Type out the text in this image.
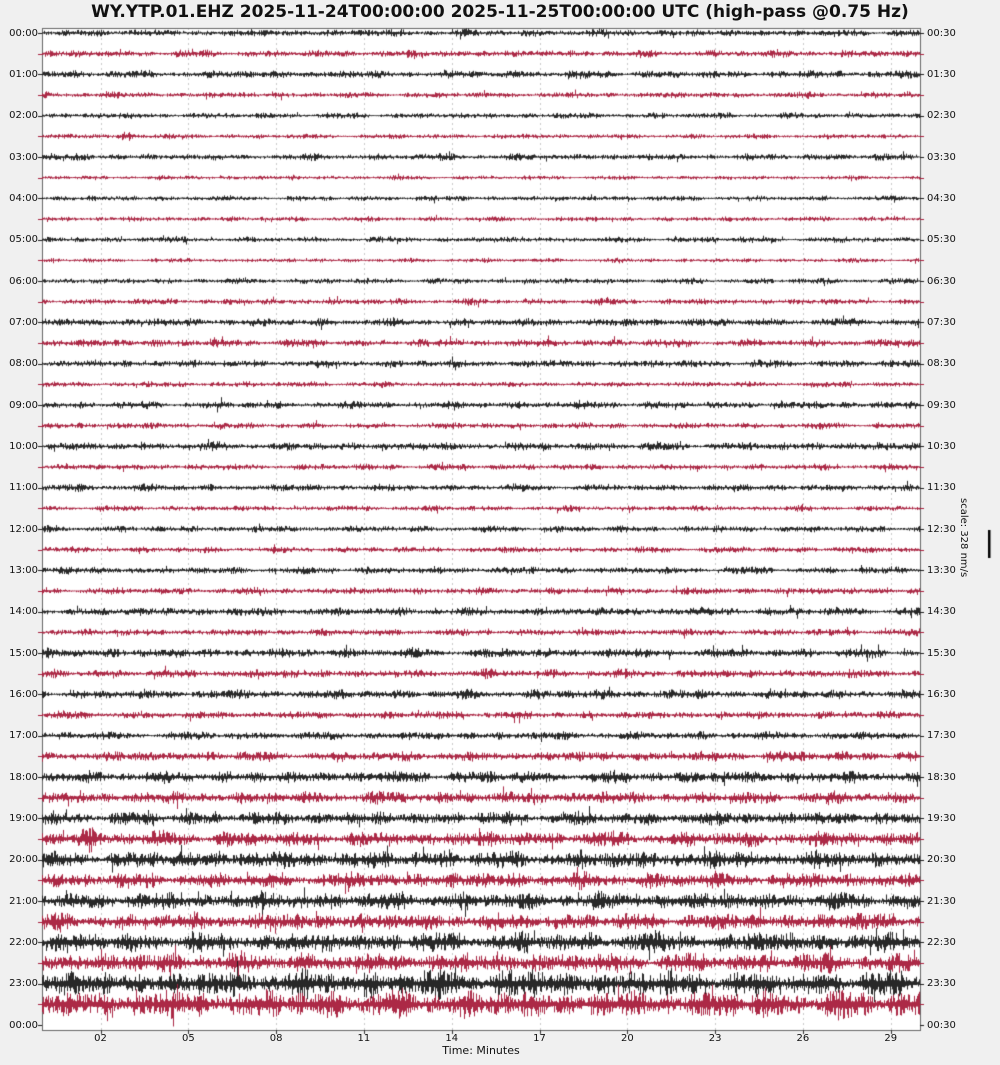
WY.YTP.01.EHZ 2025-11-24T00:00:00 2025-11-25T00:00:00 UTC (high-pass @0.75 Hz)
00:00
01:00
02:00
03:00
04:00
05:00
06:00
07:00
08:00
09:00
10:00
11:00
12:00
13:00
14:00
15:00
16:00
17:00
18:00
19:00
20:00
21:00
22:00
23:00
00:00
00:30
01:30
02:30
03:30
04:30
05:30
06:30
07:30
08:30
09:30
10:30
11:30
12:30
13:30
14:30
15:30
16:30
17:30
18:30
19:30
20:30
21:30
22:30
23:30
00:30
02	05	08	11	14	17	20	23	26	29
Time: Minutes
scale: 328 nm/s
